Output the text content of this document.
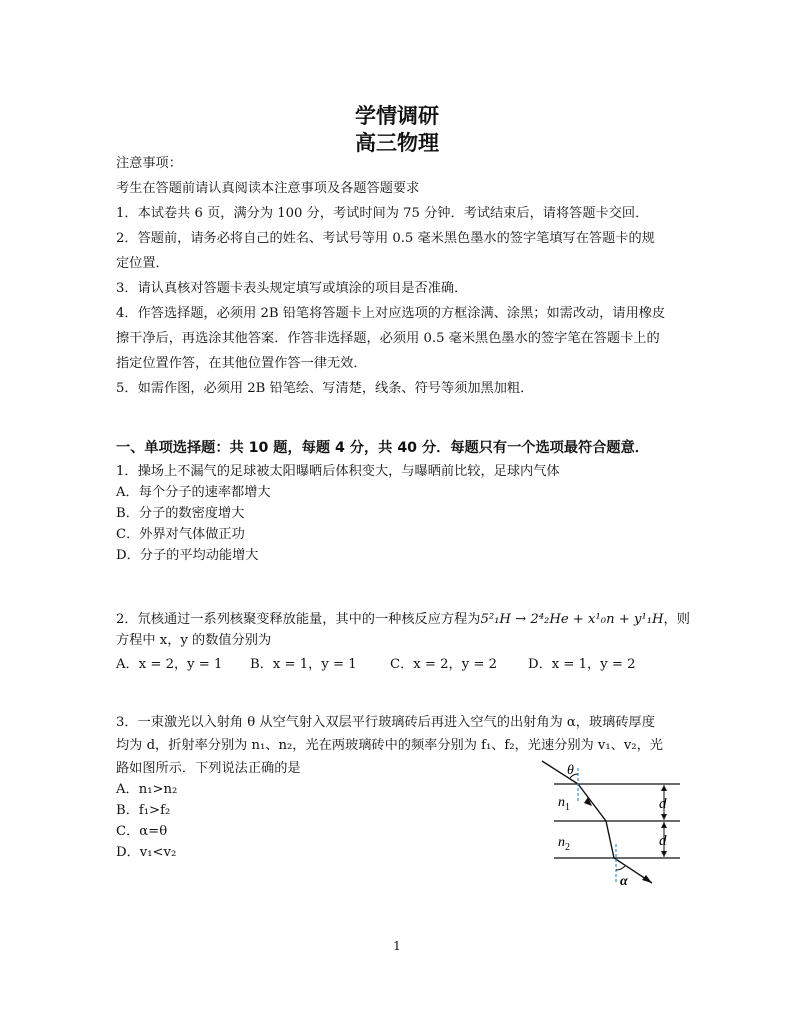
学情调研
高三物理
注意事项：
考生在答题前请认真阅读本注意事项及各题答题要求
1．本试卷共 6 页，满分为 100 分，考试时间为 75 分钟．考试结束后，请将答题卡交回．
2．答题前，请务必将自己的姓名、考试号等用 0.5 毫米黑色墨水的签字笔填写在答题卡的规
定位置．
3．请认真核对答题卡表头规定填写或填涂的项目是否准确．
4．作答选择题，必须用 2B 铅笔将答题卡上对应选项的方框涂满、涂黑；如需改动，请用橡皮
擦干净后，再选涂其他答案．作答非选择题，必须用 0.5 毫米黑色墨水的签字笔在答题卡上的
指定位置作答，在其他位置作答一律无效．
5．如需作图，必须用 2B 铅笔绘、写清楚，线条、符号等须加黑加粗．
一、单项选择题：共 10 题，每题 4 分，共 40 分．每题只有一个选项最符合题意．
1．操场上不漏气的足球被太阳曝晒后体积变大，与曝晒前比较，足球内气体
A．每个分子的速率都增大
B．分子的数密度增大
C．外界对气体做正功
D．分子的平均动能增大
2．氘核通过一系列核聚变释放能量，其中的一种核反应方程为5²₁H → 2⁴₂He + x¹₀n + y¹₁H，则
方程中 x，y 的数值分别为
A．x = 2，y = 1 B．x = 1，y = 1	C．x = 2，y = 2 D．x = 1，y = 2
3．一束激光以入射角 θ 从空气射入双层平行玻璃砖后再进入空气的出射角为 α，玻璃砖厚度
均为 d，折射率分别为 n₁、n₂，光在两玻璃砖中的频率分别为 f₁、f₂，光速分别为 v₁、v₂，光
路如图所示．下列说法正确的是
A．n₁>n₂
B．f₁>f₂
C．α=θ
D．v₁<v₂
θ
α
$n_1$
$n_2$
d
d
1
